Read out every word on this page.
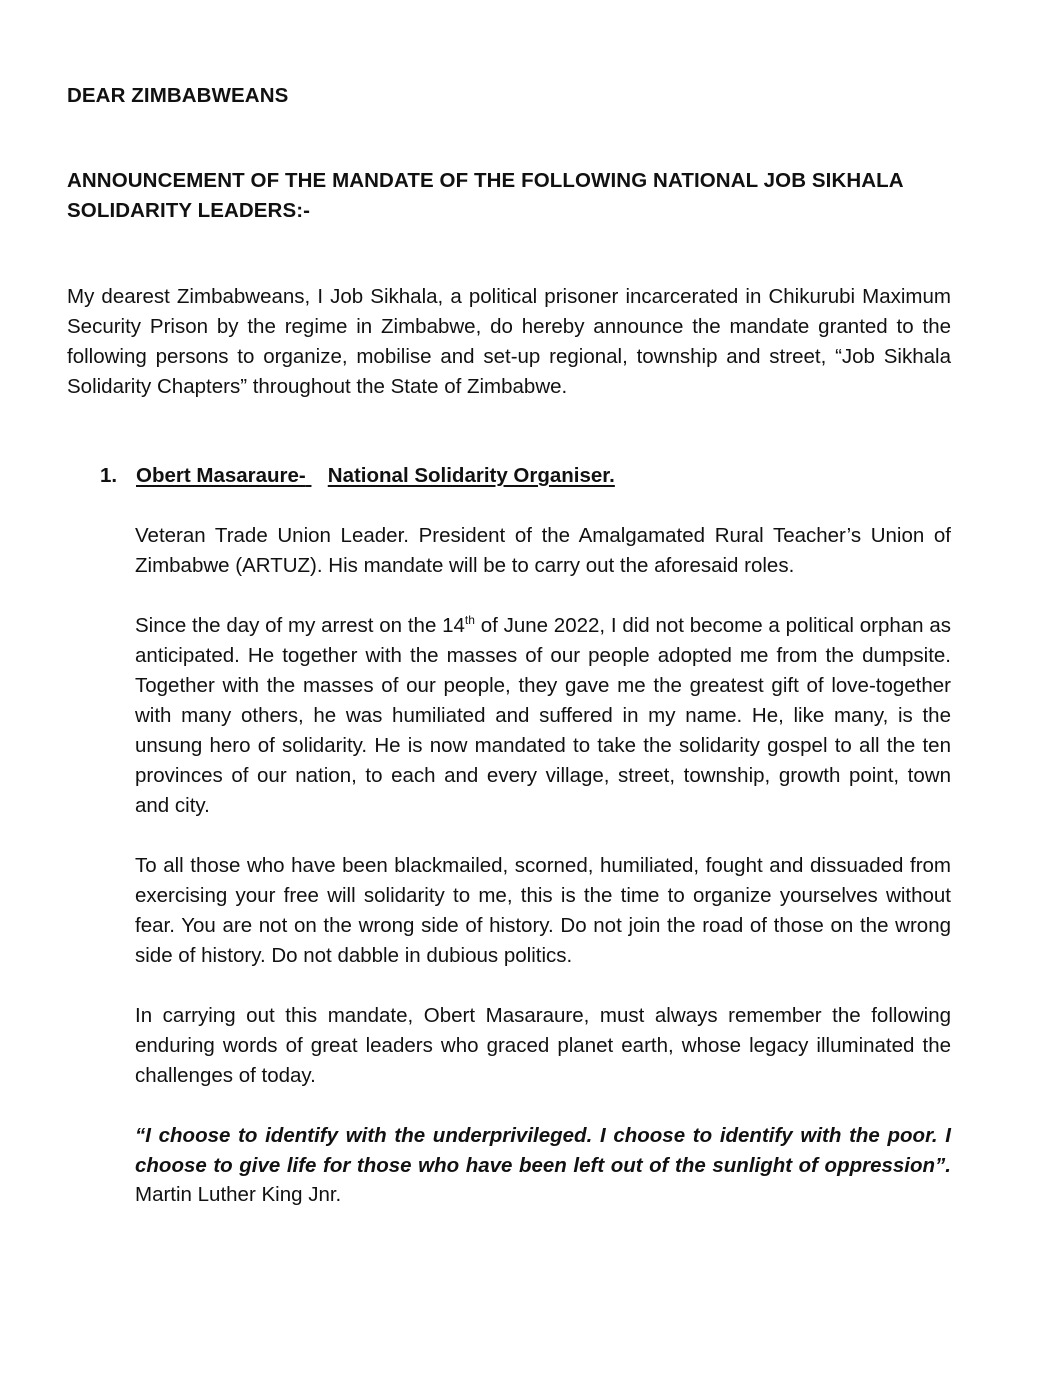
DEAR ZIMBABWEANS

ANNOUNCEMENT OF THE MANDATE OF THE FOLLOWING NATIONAL JOB SIKHALA SOLIDARITY LEADERS:-

My dearest Zimbabweans, I Job Sikhala, a political prisoner incarcerated in Chikurubi Maximum Security Prison by the regime in Zimbabwe, do hereby announce the mandate granted to the following persons to organize, mobilise and set-up regional, township and street, “Job Sikhala Solidarity Chapters” throughout the State of Zimbabwe.

1. Obert Masaraure- National Solidarity Organiser.

Veteran Trade Union Leader. President of the Amalgamated Rural Teacher’s Union of Zimbabwe (ARTUZ). His mandate will be to carry out the aforesaid roles.

Since the day of my arrest on the 14th of June 2022, I did not become a political orphan as anticipated. He together with the masses of our people adopted me from the dumpsite. Together with the masses of our people, they gave me the greatest gift of love-together with many others, he was humiliated and suffered in my name. He, like many, is the unsung hero of solidarity. He is now mandated to take the solidarity gospel to all the ten provinces of our nation, to each and every village, street, township, growth point, town and city.

To all those who have been blackmailed, scorned, humiliated, fought and dissuaded from exercising your free will solidarity to me, this is the time to organize yourselves without fear. You are not on the wrong side of history. Do not join the road of those on the wrong side of history. Do not dabble in dubious politics.

In carrying out this mandate, Obert Masaraure, must always remember the following enduring words of great leaders who graced planet earth, whose legacy illuminated the challenges of today.

“I choose to identify with the underprivileged. I choose to identify with the poor. I choose to give life for those who have been left out of the sunlight of oppression”. Martin Luther King Jnr.
